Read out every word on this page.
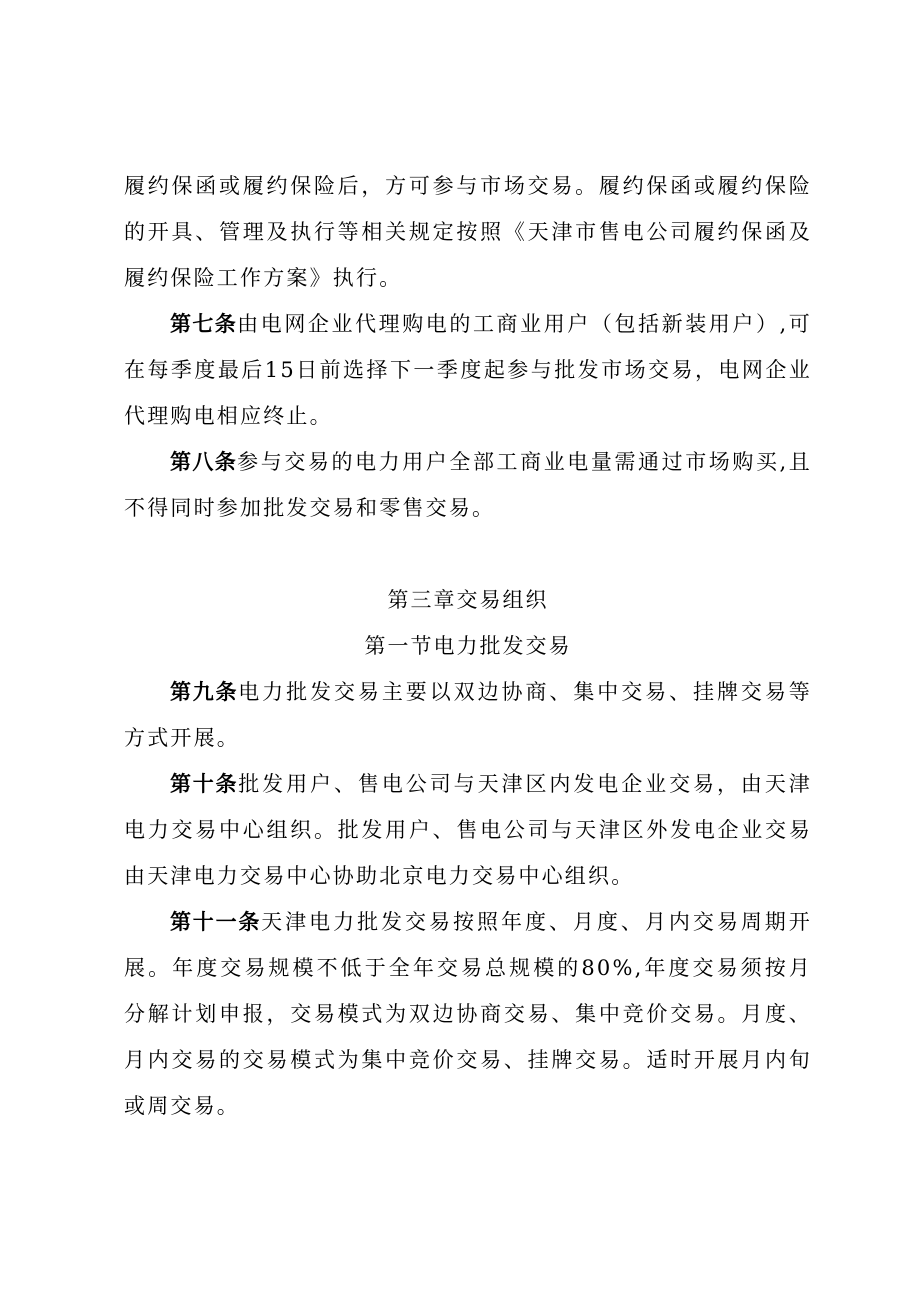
履约保函或履约保险后，方可参与市场交易。履约保函或履约保险的开具、管理及执行等相关规定按照《天津市售电公司履约保函及履约保险工作方案》执行。

第七条由电网企业代理购电的工商业用户（包括新装用户）,可在每季度最后15日前选择下一季度起参与批发市场交易，电网企业代理购电相应终止。

第八条参与交易的电力用户全部工商业电量需通过市场购买,且不得同时参加批发交易和零售交易。

第三章交易组织

第一节电力批发交易

第九条电力批发交易主要以双边协商、集中交易、挂牌交易等方式开展。

第十条批发用户、售电公司与天津区内发电企业交易，由天津电力交易中心组织。批发用户、售电公司与天津区外发电企业交易由天津电力交易中心协助北京电力交易中心组织。

第十一条天津电力批发交易按照年度、月度、月内交易周期开展。年度交易规模不低于全年交易总规模的80%,年度交易须按月分解计划申报，交易模式为双边协商交易、集中竞价交易。月度、月内交易的交易模式为集中竞价交易、挂牌交易。适时开展月内旬或周交易。
